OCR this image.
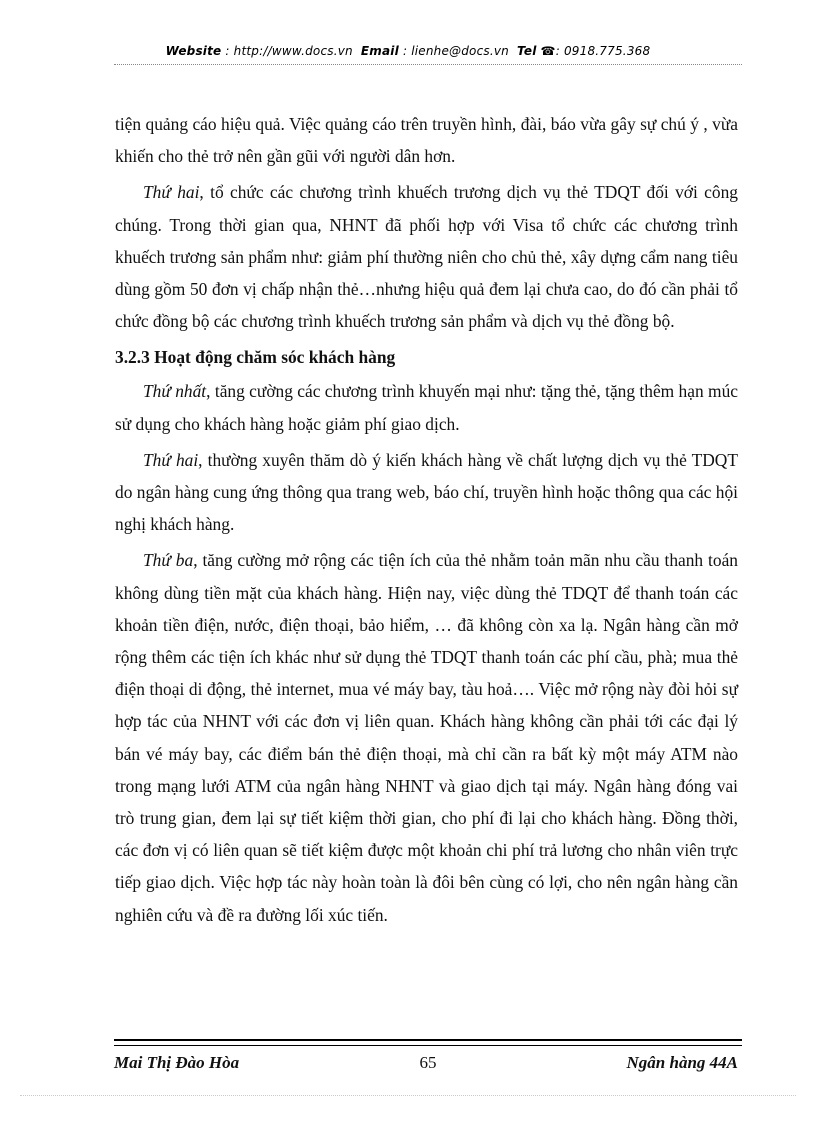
Website : http://www.docs.vn Email : lienhe@docs.vn Tel ☎: 0918.775.368

tiện quảng cáo hiệu quả. Việc quảng cáo trên truyền hình, đài, báo vừa gây sự chú ý , vừa khiến cho thẻ trở nên gần gũi với người dân hơn.

Thứ hai, tổ chức các chương trình khuếch trương dịch vụ thẻ TDQT đối với công chúng. Trong thời gian qua, NHNT đã phối hợp với Visa tổ chức các chương trình khuếch trương sản phẩm như: giảm phí thường niên cho chủ thẻ, xây dựng cẩm nang tiêu dùng gồm 50 đơn vị chấp nhận thẻ…nhưng hiệu quả đem lại chưa cao, do đó cần phải tổ chức đồng bộ các chương trình khuếch trương sản phẩm và dịch vụ thẻ đồng bộ.

3.2.3 Hoạt động chăm sóc khách hàng

Thứ nhất, tăng cường các chương trình khuyến mại như: tặng thẻ, tặng thêm hạn múc sử dụng cho khách hàng hoặc giảm phí giao dịch.

Thứ hai, thường xuyên thăm dò ý kiến khách hàng về chất lượng dịch vụ thẻ TDQT do ngân hàng cung ứng thông qua trang web, báo chí, truyền hình hoặc thông qua các hội nghị khách hàng.

Thứ ba, tăng cường mở rộng các tiện ích của thẻ nhằm toản mãn nhu cầu thanh toán không dùng tiền mặt của khách hàng. Hiện nay, việc dùng thẻ TDQT để thanh toán các khoản tiền điện, nước, điện thoại, bảo hiểm, … đã không còn xa lạ. Ngân hàng cần mở rộng thêm các tiện ích khác như sử dụng thẻ TDQT thanh toán các phí cầu, phà; mua thẻ điện thoại di động, thẻ internet, mua vé máy bay, tàu hoả…. Việc mở rộng này đòi hỏi sự hợp tác của NHNT với các đơn vị liên quan. Khách hàng không cần phải tới các đại lý bán vé máy bay, các điểm bán thẻ điện thoại, mà chỉ cần ra bất kỳ một máy ATM nào trong mạng lưới ATM của ngân hàng NHNT và giao dịch tại máy. Ngân hàng đóng vai trò trung gian, đem lại sự tiết kiệm thời gian, cho phí đi lại cho khách hàng. Đồng thời, các đơn vị có liên quan sẽ tiết kiệm được một khoản chi phí trả lương cho nhân viên trực tiếp giao dịch. Việc hợp tác này hoàn toàn là đôi bên cùng có lợi, cho nên ngân hàng cần nghiên cứu và đề ra đường lối xúc tiến.

Mai Thị Đào Hòa	65	Ngân hàng 44A
